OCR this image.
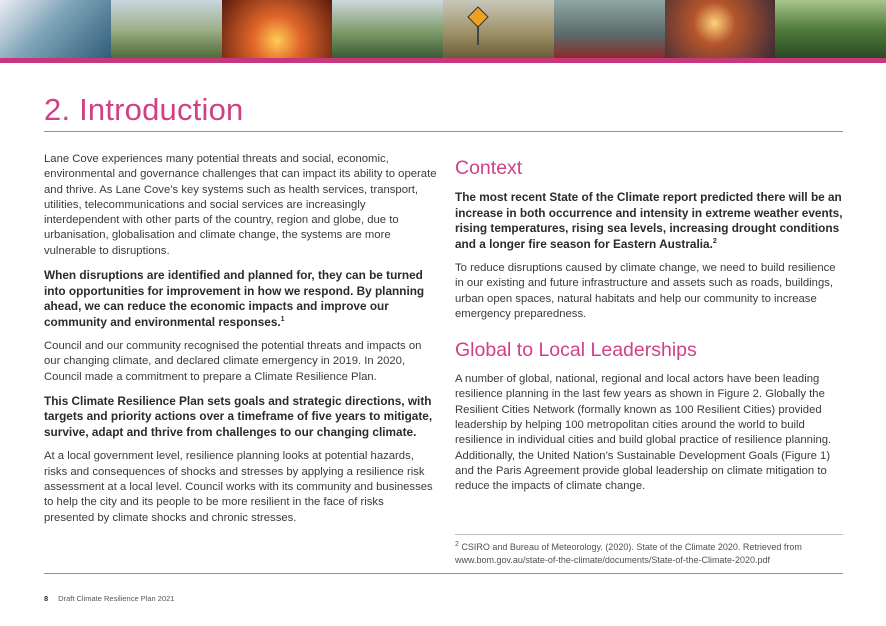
2. Introduction

Lane Cove experiences many potential threats and social, economic, environmental and governance challenges that can impact its ability to operate and thrive. As Lane Cove’s key systems such as health services, transport, utilities, telecommunications and social services are increasingly interdependent with other parts of the country, region and globe, due to urbanisation, globalisation and climate change, the systems are more vulnerable to disruptions.

When disruptions are identified and planned for, they can be turned into opportunities for improvement in how we respond. By planning ahead, we can reduce the economic impacts and improve our community and environmental responses.$^1$

Council and our community recognised the potential threats and impacts on our changing climate, and declared climate emergency in 2019. In 2020, Council made a commitment to prepare a Climate Resilience Plan.

This Climate Resilience Plan sets goals and strategic directions, with targets and priority actions over a timeframe of five years to mitigate, survive, adapt and thrive from challenges to our changing climate.

At a local government level, resilience planning looks at potential hazards, risks and consequences of shocks and stresses by applying a resilience risk assessment at a local level. Council works with its community and businesses to help the city and its people to be more resilient in the face of risks presented by climate shocks and chronic stresses.

Context

The most recent State of the Climate report predicted there will be an increase in both occurrence and intensity in extreme weather events, rising temperatures, rising sea levels, increasing drought conditions and a longer fire season for Eastern Australia.$^2$

To reduce disruptions caused by climate change, we need to build resilience in our existing and future infrastructure and assets such as roads, buildings, urban open spaces, natural habitats and help our community to increase emergency preparedness.

Global to Local Leaderships

A number of global, national, regional and local actors have been leading resilience planning in the last few years as shown in Figure 2. Globally the Resilient Cities Network (formally known as 100 Resilient Cities) provided leadership by helping 100 metropolitan cities around the world to build resilience in individual cities and build global practice of resilience planning. Additionally, the United Nation’s Sustainable Development Goals (Figure 1) and the Paris Agreement provide global leadership on climate mitigation to reduce the impacts of climate change.

$^2$ CSIRO and Bureau of Meteorology. (2020). State of the Climate 2020. Retrieved from www.bom.gov.au/state-of-the-climate/documents/State-of-the-Climate-2020.pdf
8 Draft Climate Resilience Plan 2021
